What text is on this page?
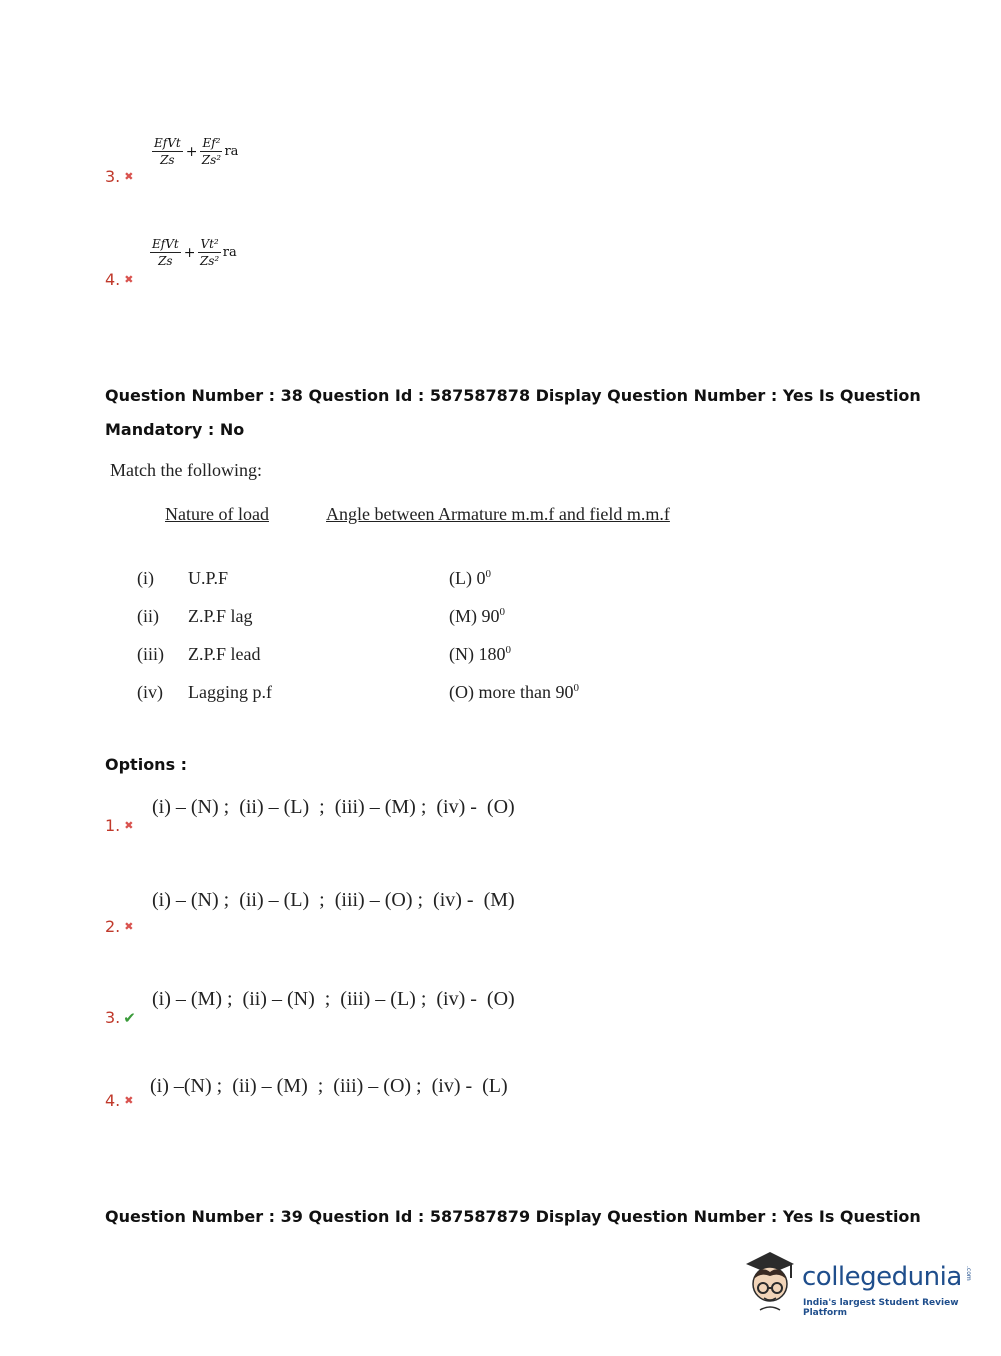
3. ✖
$\frac{\text{EfVt}}{Zs} + \frac{\text{Ef²}}{\text{Zs²}}$ ra
4. ✖
$\frac{\text{EfVt}}{Zs} + \frac{\text{Vt²}}{\text{Zs²}}$ ra
Question Number : 38 Question Id : 587587878 Display Question Number : Yes Is Question
Mandatory : No
Match the following:
Nature of load	Angle between Armature m.m.f and field m.m.f
(i) U.P.F	(L) $0^0$
(ii) Z.P.F lag	(M) $90^0$
(iii) Z.P.F lead	(N) $180^0$
(iv) Lagging p.f	(O) more than $90^0$
Options :
(i) – (N) ;  (ii) – (L)  ;  (iii) – (M) ;  (iv) -  (O)
1. ✖
(i) – (N) ;  (ii) – (L)  ;  (iii) – (O) ;  (iv) -  (M)
2. ✖
(i) – (M) ;  (ii) – (N)  ;  (iii) – (L) ;  (iv) -  (O)
3. ✔
(i) –(N) ;  (ii) – (M)  ;  (iii) – (O) ;  (iv) -  (L)
4. ✖
Question Number : 39 Question Id : 587587879 Display Question Number : Yes Is Question
collegedunia .com
India's largest Student Review Platform
